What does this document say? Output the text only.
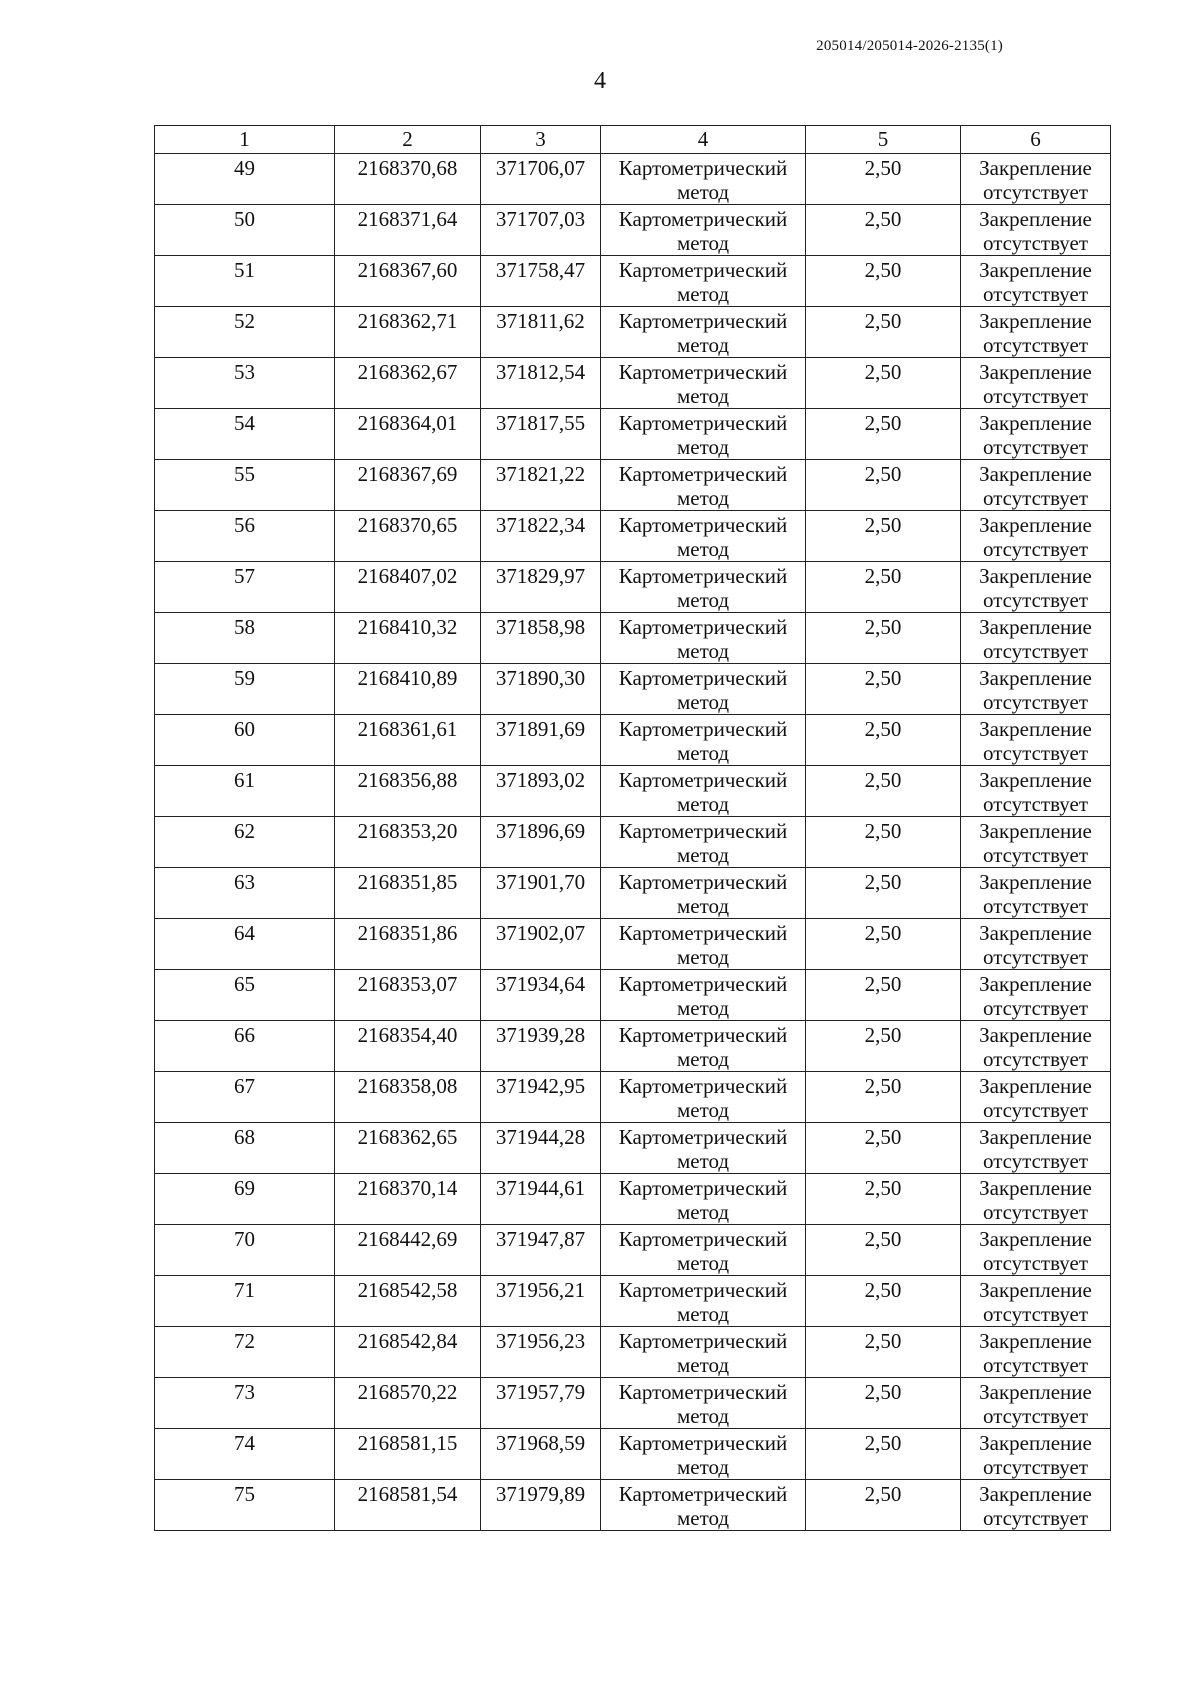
205014/205014-2026-2135(1)
4
1	2	3	4	5	6
49	2168370,68	371706,07	Картометрический метод	2,50	Закрепление отсутствует
50	2168371,64	371707,03	Картометрический метод	2,50	Закрепление отсутствует
51	2168367,60	371758,47	Картометрический метод	2,50	Закрепление отсутствует
52	2168362,71	371811,62	Картометрический метод	2,50	Закрепление отсутствует
53	2168362,67	371812,54	Картометрический метод	2,50	Закрепление отсутствует
54	2168364,01	371817,55	Картометрический метод	2,50	Закрепление отсутствует
55	2168367,69	371821,22	Картометрический метод	2,50	Закрепление отсутствует
56	2168370,65	371822,34	Картометрический метод	2,50	Закрепление отсутствует
57	2168407,02	371829,97	Картометрический метод	2,50	Закрепление отсутствует
58	2168410,32	371858,98	Картометрический метод	2,50	Закрепление отсутствует
59	2168410,89	371890,30	Картометрический метод	2,50	Закрепление отсутствует
60	2168361,61	371891,69	Картометрический метод	2,50	Закрепление отсутствует
61	2168356,88	371893,02	Картометрический метод	2,50	Закрепление отсутствует
62	2168353,20	371896,69	Картометрический метод	2,50	Закрепление отсутствует
63	2168351,85	371901,70	Картометрический метод	2,50	Закрепление отсутствует
64	2168351,86	371902,07	Картометрический метод	2,50	Закрепление отсутствует
65	2168353,07	371934,64	Картометрический метод	2,50	Закрепление отсутствует
66	2168354,40	371939,28	Картометрический метод	2,50	Закрепление отсутствует
67	2168358,08	371942,95	Картометрический метод	2,50	Закрепление отсутствует
68	2168362,65	371944,28	Картометрический метод	2,50	Закрепление отсутствует
69	2168370,14	371944,61	Картометрический метод	2,50	Закрепление отсутствует
70	2168442,69	371947,87	Картометрический метод	2,50	Закрепление отсутствует
71	2168542,58	371956,21	Картометрический метод	2,50	Закрепление отсутствует
72	2168542,84	371956,23	Картометрический метод	2,50	Закрепление отсутствует
73	2168570,22	371957,79	Картометрический метод	2,50	Закрепление отсутствует
74	2168581,15	371968,59	Картометрический метод	2,50	Закрепление отсутствует
75	2168581,54	371979,89	Картометрический метод	2,50	Закрепление отсутствует
